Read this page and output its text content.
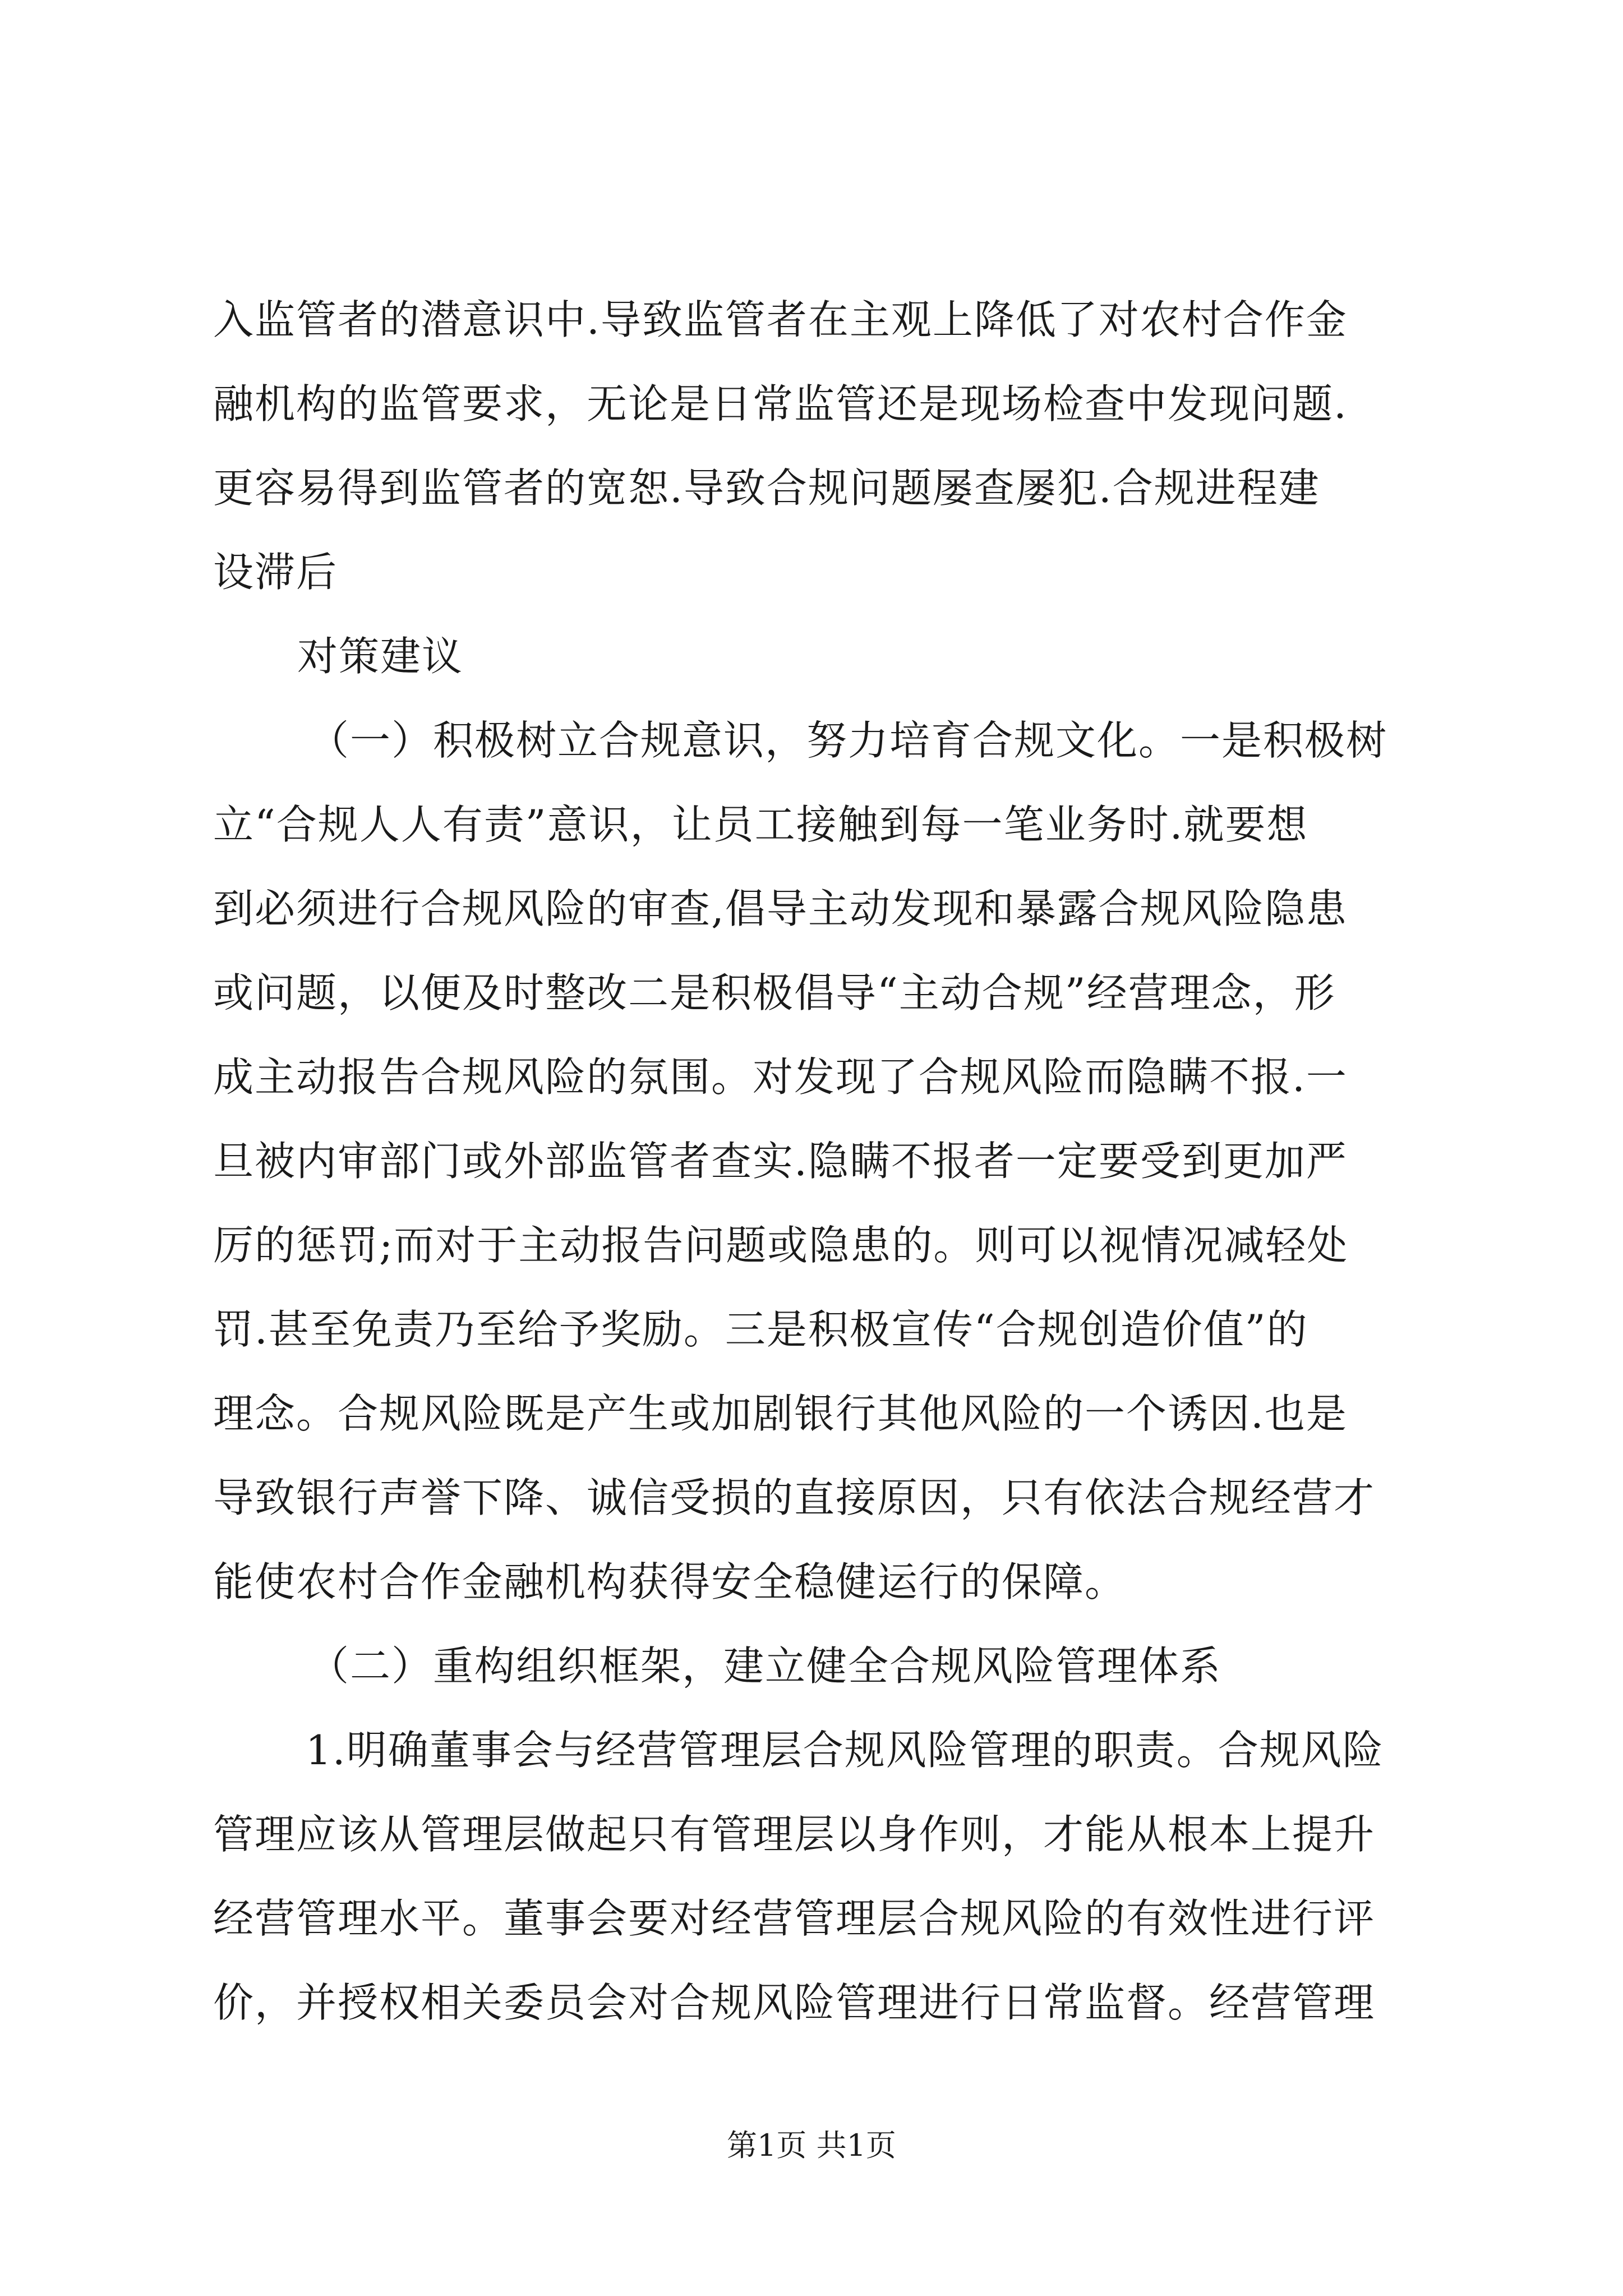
入监管者的潜意识中.导致监管者在主观上降低了对农村合作金
融机构的监管要求，无论是日常监管还是现场检查中发现问题.
更容易得到监管者的宽恕.导致合规问题屡查屡犯.合规进程建
设滞后
对策建议
（一）积极树立合规意识，努力培育合规文化。一是积极树
立“合规人人有责”意识，让员工接触到每一笔业务时.就要想
到必须进行合规风险的审查,倡导主动发现和暴露合规风险隐患
或问题，以便及时整改二是积极倡导“主动合规”经营理念，形
成主动报告合规风险的氛围。对发现了合规风险而隐瞒不报.一
旦被内审部门或外部监管者查实.隐瞒不报者一定要受到更加严
厉的惩罚;而对于主动报告问题或隐患的。则可以视情况减轻处
罚.甚至免责乃至给予奖励。三是积极宣传“合规创造价值”的
理念。合规风险既是产生或加剧银行其他风险的一个诱因.也是
导致银行声誉下降、诚信受损的直接原因，只有依法合规经营才
能使农村合作金融机构获得安全稳健运行的保障。
（二）重构组织框架，建立健全合规风险管理体系
1.明确董事会与经营管理层合规风险管理的职责。合规风险
管理应该从管理层做起只有管理层以身作则，才能从根本上提升
经营管理水平。董事会要对经营管理层合规风险的有效性进行评
价，并授权相关委员会对合规风险管理进行日常监督。经营管理
第1页 共1页
